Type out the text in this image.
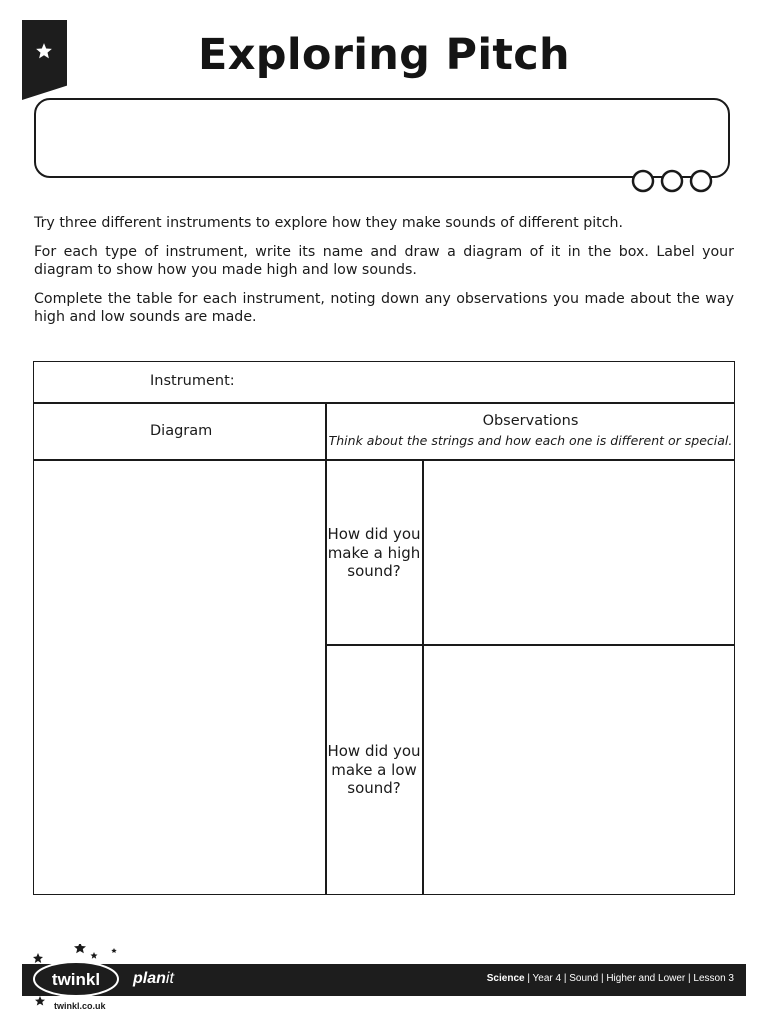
Exploring Pitch

Try three different instruments to explore how they make sounds of different pitch.

For each type of instrument, write its name and draw a diagram of it in the box. Label your diagram to show how you made high and low sounds.

Complete the table for each instrument, noting down any observations you made about the way high and low sounds are made.

Instrument:
Diagram
Observations
Think about the strings and how each one is different or special.
How did you make a high sound?
How did you make a low sound?
Science | Year 4 | Sound | Higher and Lower | Lesson 3
twinkl
twinkl.co.uk
planit
